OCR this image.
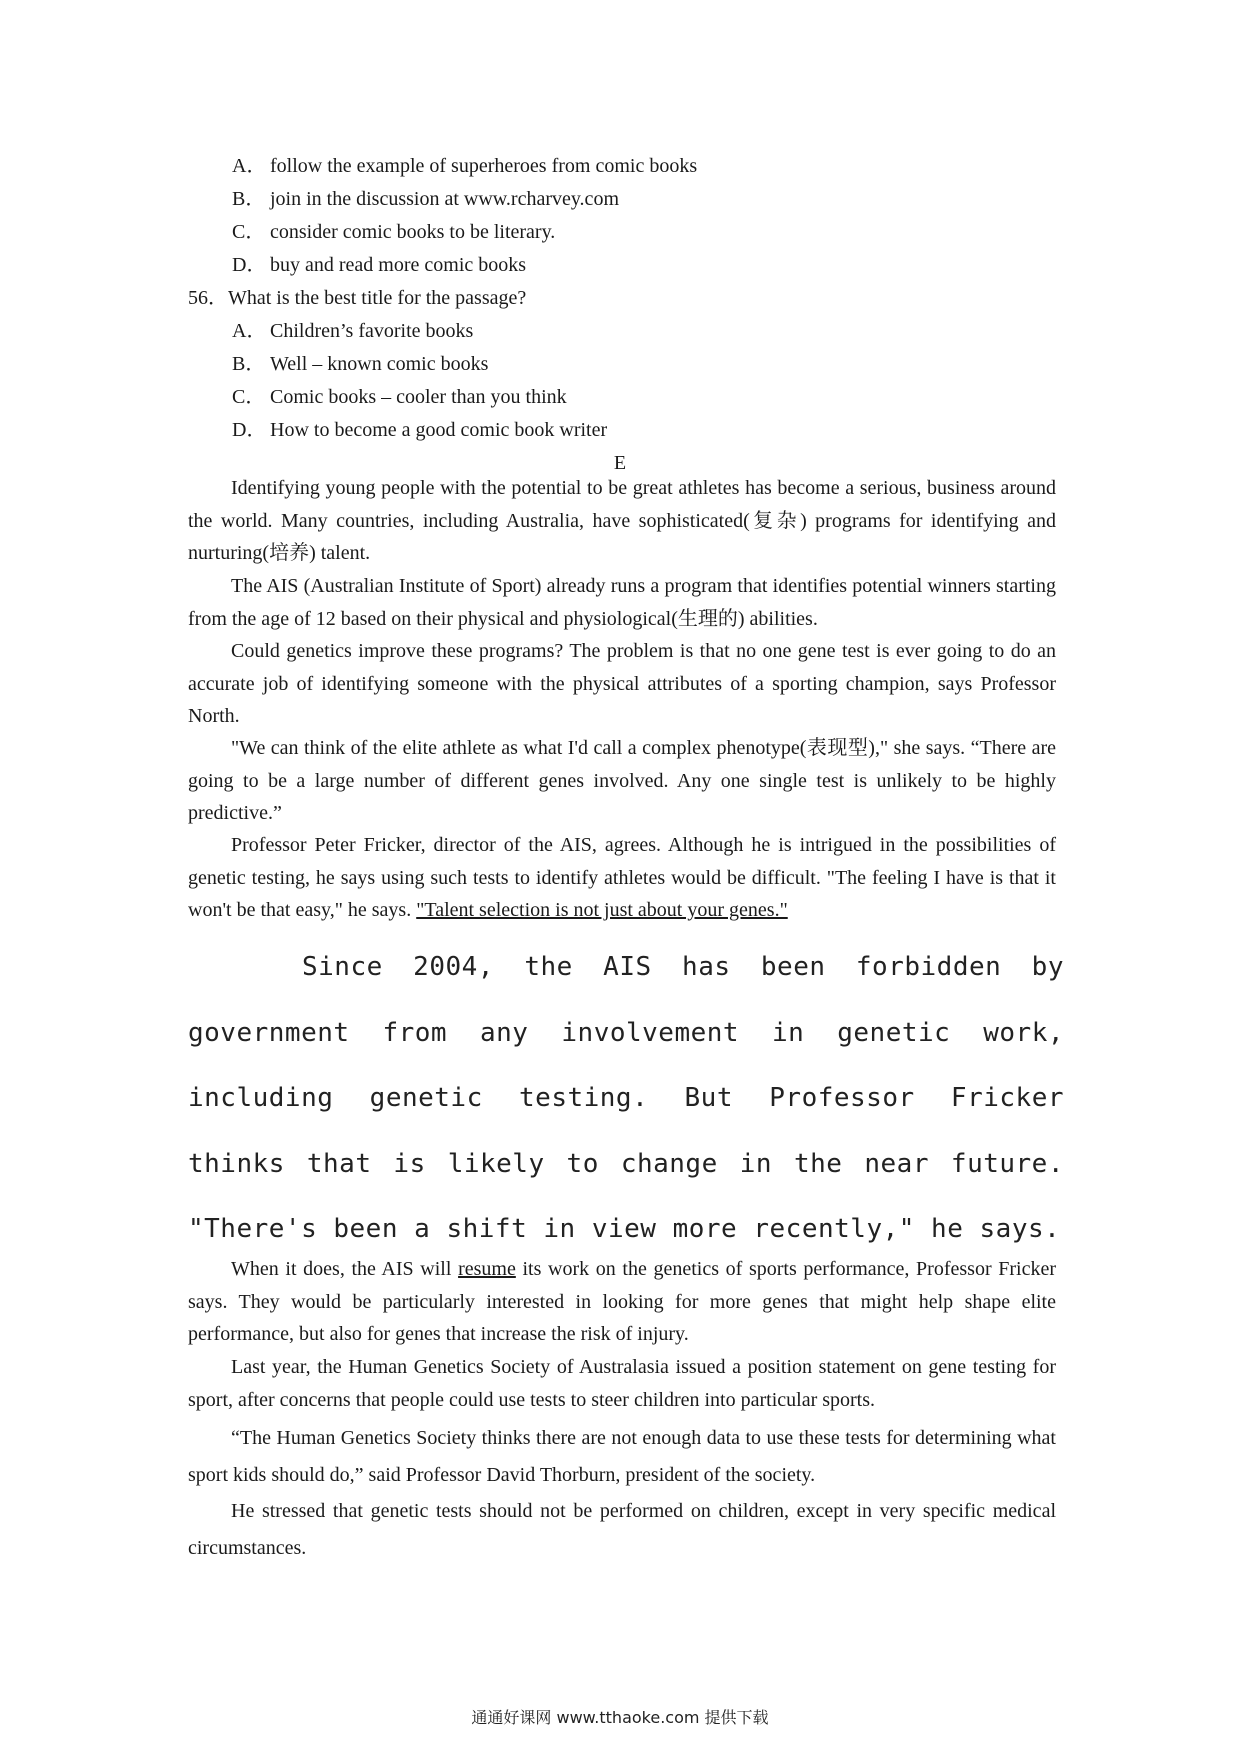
A． follow the example of superheroes from comic books
B． join in the discussion at www.rcharvey.com
C． consider comic books to be literary.
D． buy and read more comic books
56．What is the best title for the passage?
A． Children’s favorite books
B． Well – known comic books
C． Comic books – cooler than you think
D． How to become a good comic book writer
E

Identifying young people with the potential to be great athletes has become a serious, business around the world. Many countries, including Australia, have sophisticated(复杂) programs for identifying and nurturing(培养) talent.

The AIS (Australian Institute of Sport) already runs a program that identifies potential winners starting from the age of 12 based on their physical and physiological(生理的) abilities.

Could genetics improve these programs? The problem is that no one gene test is ever going to do an accurate job of identifying someone with the physical attributes of a sporting champion, says Professor North.

"We can think of the elite athlete as what I'd call a complex phenotype(表现型)," she says. “There are going to be a large number of different genes involved. Any one single test is unlikely to be highly predictive.”

Professor Peter Fricker, director of the AIS, agrees. Although he is intrigued in the possibilities of genetic testing, he says using such tests to identify athletes would be difficult. "The feeling I have is that it won't be that easy," he says. "Talent selection is not just about your genes."

Since 2004, the AIS has been forbidden by government from any involvement in genetic work, including genetic testing. But Professor Fricker thinks that is likely to change in the near future. "There's been a shift in view more recently," he says.

When it does, the AIS will resume its work on the genetics of sports performance, Professor Fricker says. They would be particularly interested in looking for more genes that might help shape elite performance, but also for genes that increase the risk of injury.

Last year, the Human Genetics Society of Australasia issued a position statement on gene testing for sport, after concerns that people could use tests to steer children into particular sports.

“The Human Genetics Society thinks there are not enough data to use these tests for determining what sport kids should do,” said Professor David Thorburn, president of the society.

He stressed that genetic tests should not be performed on children, except in very specific medical circumstances.

通通好课网 www.tthaoke.com 提供下载
